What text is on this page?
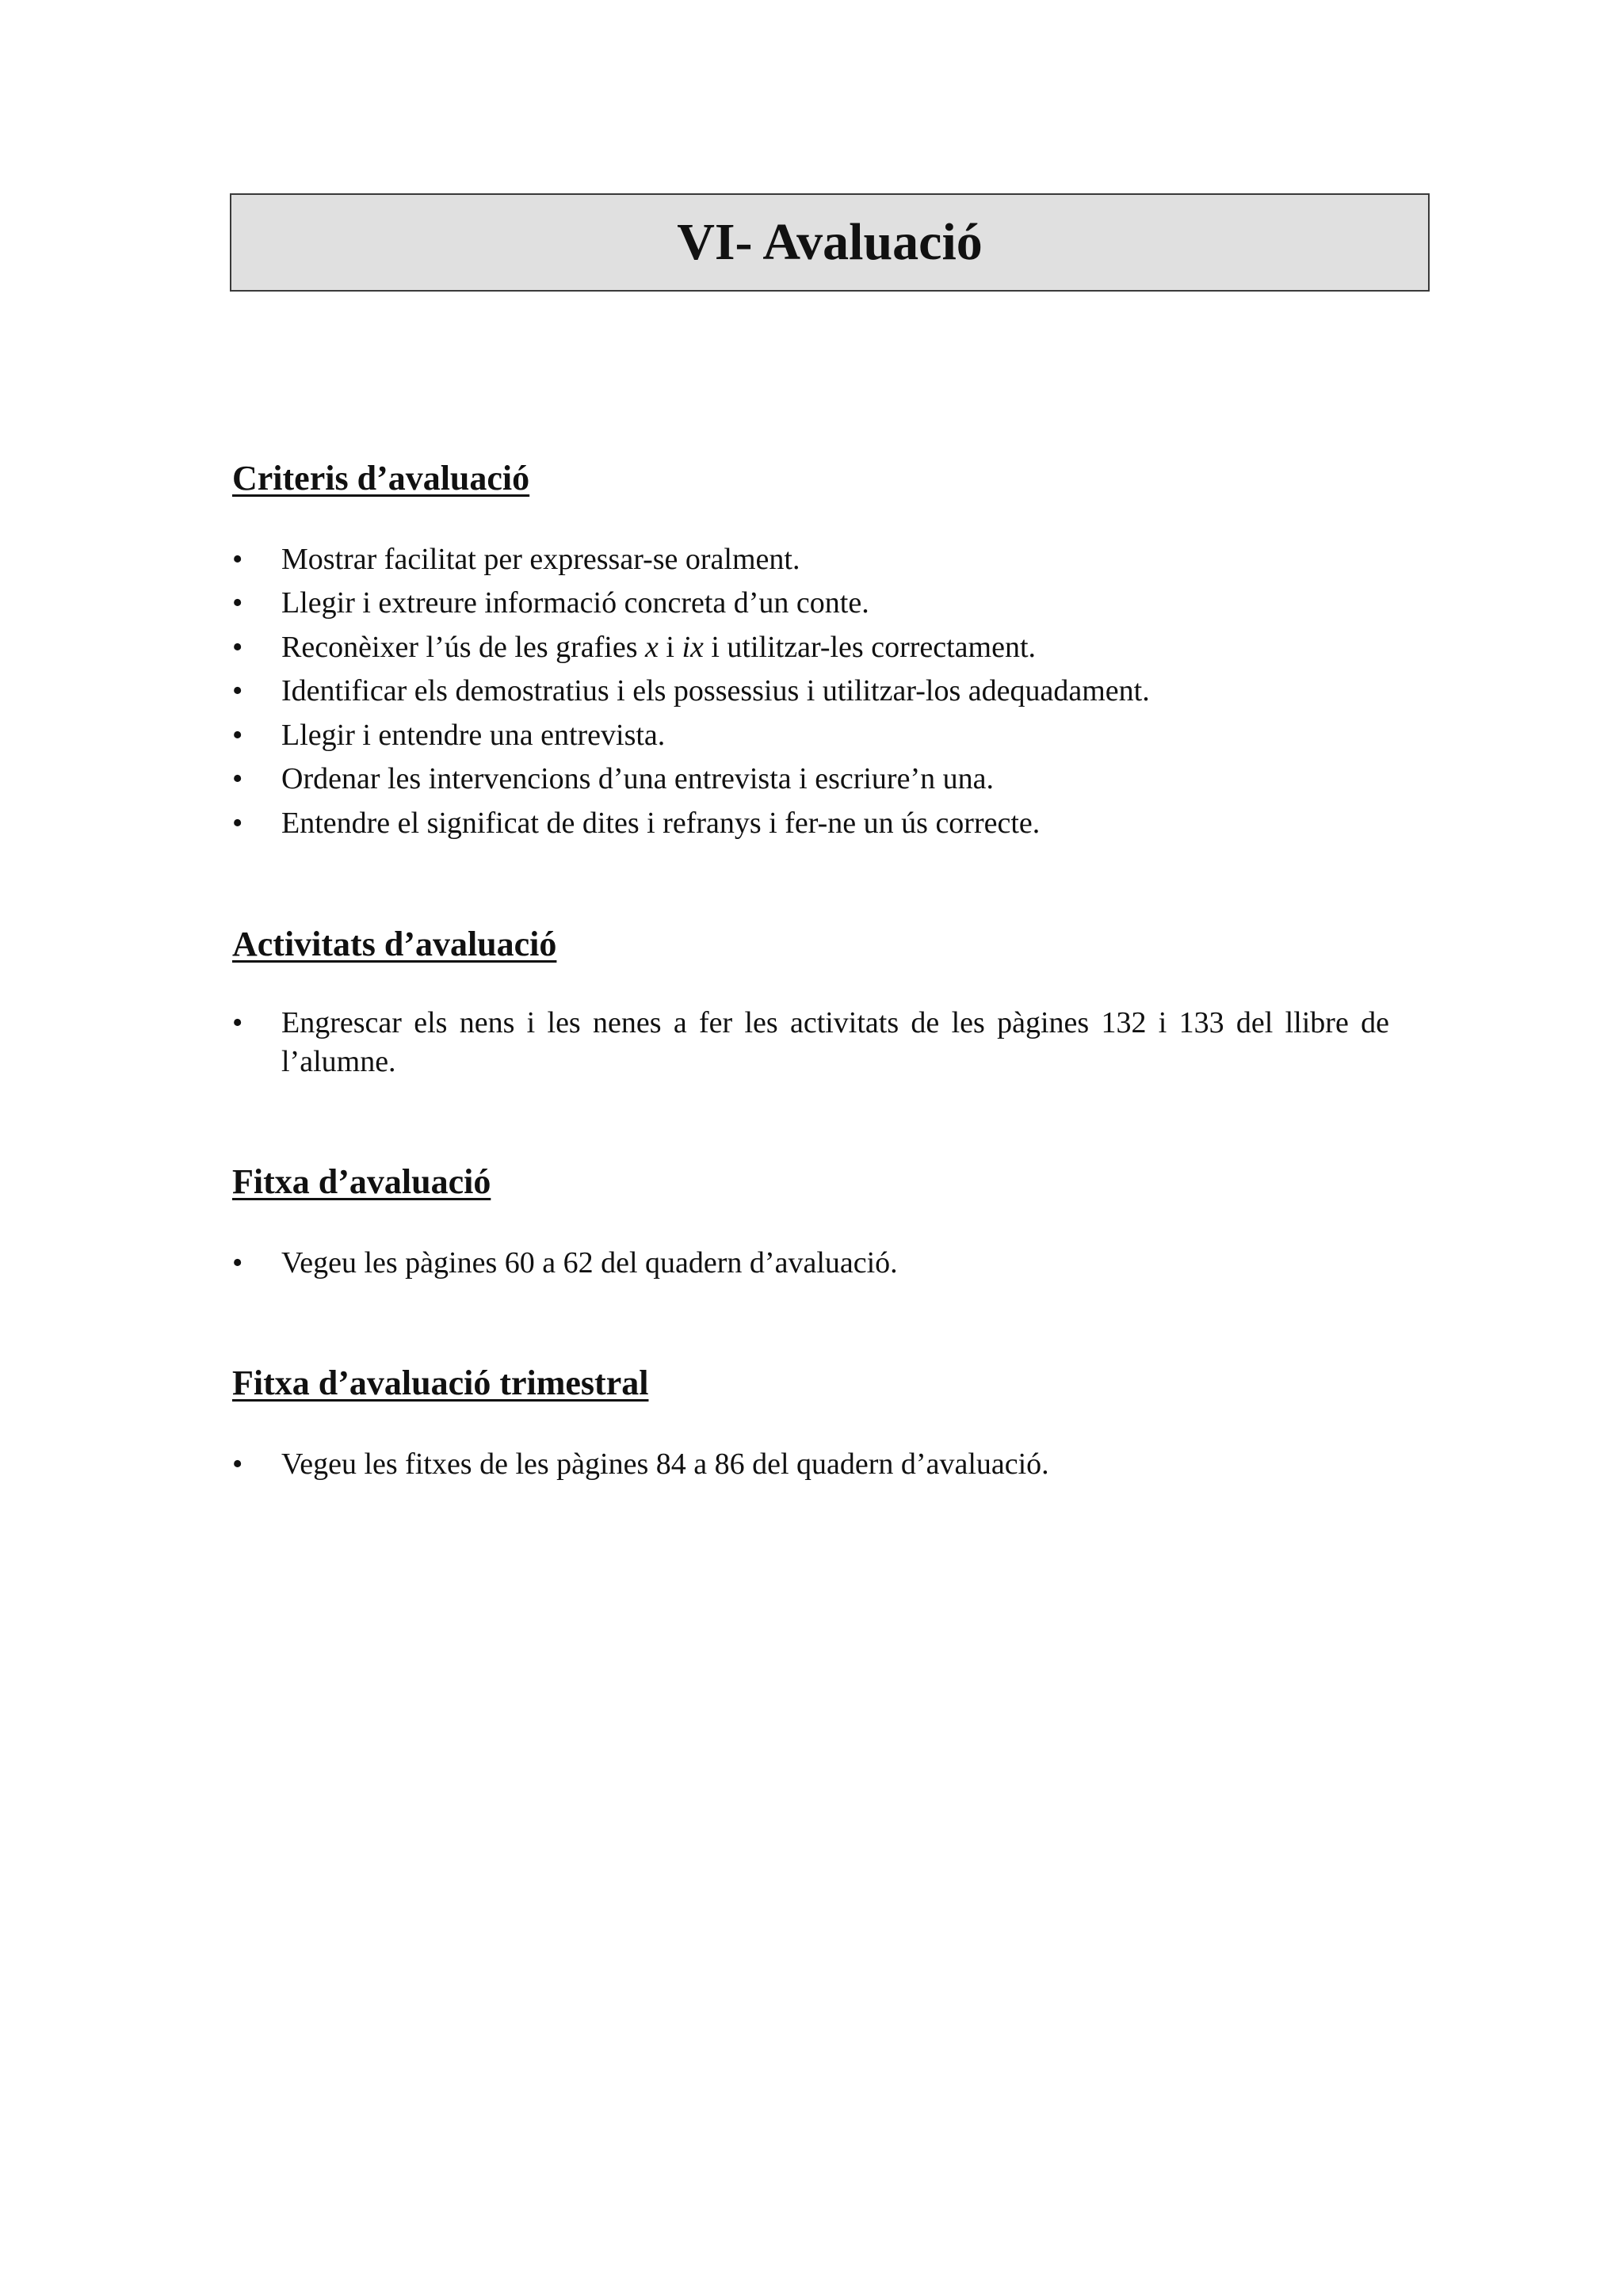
VI- Avaluació
Criteris d’avaluació
• Mostrar facilitat per expressar-se oralment.
• Llegir i extreure informació concreta d’un conte.
• Reconèixer l’ús de les grafies x i ix i utilitzar-les correctament.
• Identificar els demostratius i els possessius i utilitzar-los adequadament.
• Llegir i entendre una entrevista.
• Ordenar les intervencions d’una entrevista i escriure’n una.
• Entendre el significat de dites i refranys i fer-ne un ús correcte.
Activitats d’avaluació
• Engrescar els nens i les nenes a fer les activitats de les pàgines 132 i 133 del llibre de l’alumne.
Fitxa d’avaluació
• Vegeu les pàgines 60 a 62 del quadern d’avaluació.
Fitxa d’avaluació trimestral
• Vegeu les fitxes de les pàgines 84 a 86 del quadern d’avaluació.
